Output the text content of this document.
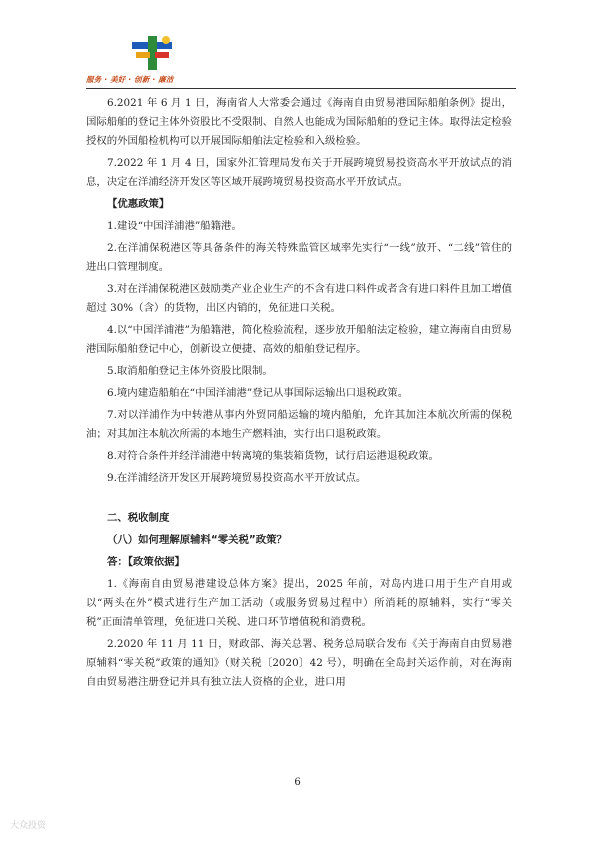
服务 · 美好 · 创新 · 廉洁

6.2021 年 6 月 1 日，海南省人大常委会通过《海南自由贸易港国际船舶条例》提出，国际船舶的登记主体外资股比不受限制、自然人也能成为国际船舶的登记主体。取得法定检验授权的外国船检机构可以开展国际船舶法定检验和入级检验。

7.2022 年 1 月 4 日，国家外汇管理局发布关于开展跨境贸易投资高水平开放试点的消息，决定在洋浦经济开发区等区域开展跨境贸易投资高水平开放试点。

【优惠政策】

1.建设“中国洋浦港”船籍港。

2.在洋浦保税港区等具备条件的海关特殊监管区域率先实行“一线”放开、“二线”管住的进出口管理制度。

3.对在洋浦保税港区鼓励类产业企业生产的不含有进口料件或者含有进口料件且加工增值超过 30%（含）的货物，出区内销的，免征进口关税。

4.以“中国洋浦港”为船籍港，简化检验流程，逐步放开船舶法定检验，建立海南自由贸易港国际船舶登记中心，创新设立便捷、高效的船舶登记程序。

5.取消船舶登记主体外资股比限制。

6.境内建造船舶在“中国洋浦港”登记从事国际运输出口退税政策。

7.对以洋浦作为中转港从事内外贸同船运输的境内船舶，允许其加注本航次所需的保税油；对其加注本航次所需的本地生产燃料油，实行出口退税政策。

8.对符合条件并经洋浦港中转离境的集装箱货物，试行启运港退税政策。

9.在洋浦经济开发区开展跨境贸易投资高水平开放试点。

二、税收制度

（八）如何理解原辅料“零关税”政策？

答：【政策依据】

1.《海南自由贸易港建设总体方案》提出，2025 年前，对岛内进口用于生产自用或以“两头在外”模式进行生产加工活动（或服务贸易过程中）所消耗的原辅料，实行“零关税”正面清单管理，免征进口关税、进口环节增值税和消费税。

2.2020 年 11 月 11 日，财政部、海关总署、税务总局联合发布《关于海南自由贸易港原辅料“零关税”政策的通知》（财关税〔2020〕42 号），明确在全岛封关运作前，对在海南自由贸易港注册登记并具有独立法人资格的企业，进口用

6
大众投资
